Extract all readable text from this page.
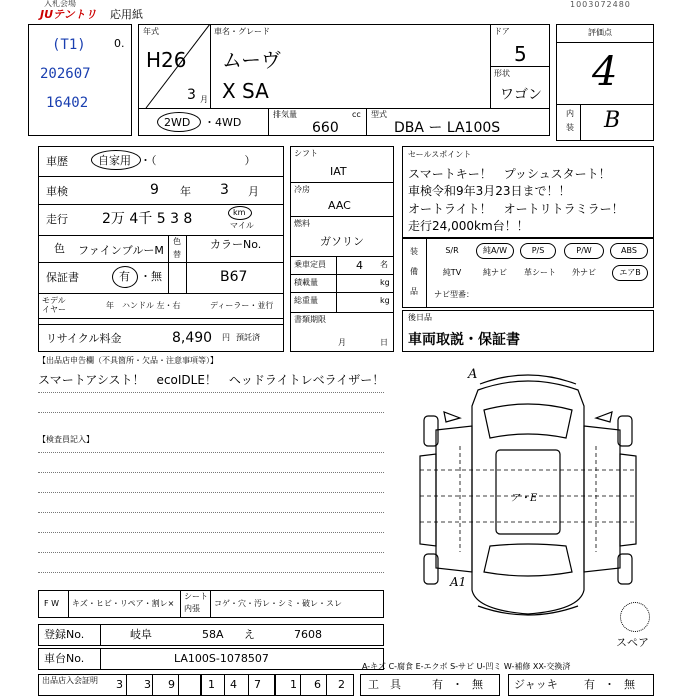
入札会場
JUテントリ 応用紙
1003072480
0.
(T1)
202607
16402
年式
H26
3 月
車名・グレード
ムーヴ
X SA
ドア
5
形状
ワゴン
2WD ・4WD
排気量
660
cc 型式
DBA ー LA100S
評価点
4
内
装 B
車歴	自家用 ・（　　　　　　　　）
車検	9 年 3 月
走行 2万 4千 5 3 8	km
マイル
色 ファインブルーM
色
替
カラーNo.
保証書	有 ・無	B67
モデル
イヤー	年 ハンドル 左・右	ディーラー・並行
リサイクル料金	8,490 円 預託済
シフト
IAT
冷房
AAC
燃料
ガソリン
乗車定員	4 名
積載量	kg
総重量	kg
書類期限
月	日
セールスポイント
スマートキー！　プッシュスタート！
車検令和9年3月23日まで！！
オートライト！　オートリトラミラー！
走行24,000km台！！
装
備
品
S/R	純A/W	P/S	P/W	ABS
純TV	純ナビ	革シート	外ナビ	エアB
ナビ型番：
後日品
車両取説・保証書
【出品店申告欄（不具箇所・欠品・注意事項等）】
スマートアシスト！　ecoIDLE！　ヘッドライトレベライザー！
【検査員記入】
A
A1
ア・E
スペア
F W キズ・ヒビ・リペア・割レ×
シート
内張
コゲ・穴・汚レ・シミ・破レ・スレ
登録No.	岐阜	58A え	7608
車台No.	LA100S-1078507
出品店 入会証明 3 3 9	1 4 7	1 6 2
A-キズ C-腐食 E-エクボ S-サビ U-凹ミ W-補修 XX-交換済
工　具	有 ・ 無	ジャッキ 有 ・ 無
